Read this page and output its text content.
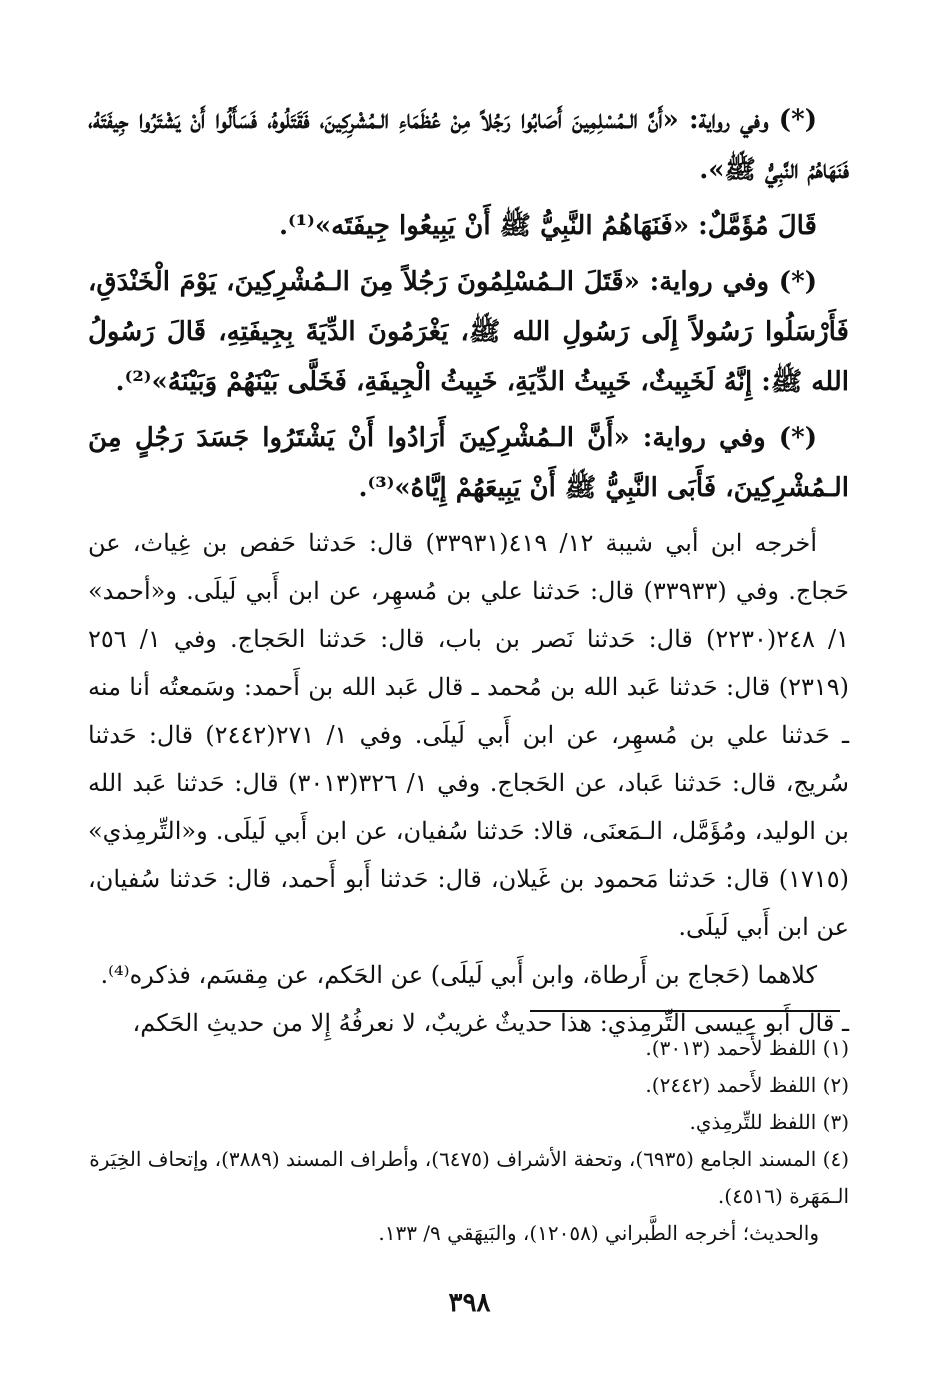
(*) وفي رواية: «أَنَّ الـمُسْلِمِينَ أَصَابُوا رَجُلاً مِنْ عُظَمَاءِ الـمُشْرِكِينَ، فَقَتَلُوهُ، فَسَأَلُوا أَنْ يَشْتَرُوا جِيفَتَهُ، فَنَهَاهُمُ النَّبِيُّ ﷺ».

قَالَ مُؤَمَّلٌ: «فَنَهَاهُمُ النَّبِيُّ ﷺ أَنْ يَبِيعُوا جِيفَتَه»⁽¹⁾.

(*) وفي رواية: «قَتَلَ الـمُسْلِمُونَ رَجُلاً مِنَ الـمُشْرِكِينَ، يَوْمَ الْخَنْدَقِ، فَأَرْسَلُوا رَسُولاً إِلَى رَسُولِ الله ﷺ، يَغْرَمُونَ الدِّيَةَ بِجِيفَتِهِ، قَالَ رَسُولُ الله ﷺ: إِنَّهُ لَخَبِيثٌ، خَبِيثُ الدِّيَةِ، خَبِيثُ الْجِيفَةِ، فَخَلَّى بَيْنَهُمْ وَبَيْنَهُ»⁽²⁾.

(*) وفي رواية: «أَنَّ الـمُشْرِكِينَ أَرَادُوا أَنْ يَشْتَرُوا جَسَدَ رَجُلٍ مِنَ الـمُشْرِكِينَ، فَأَبَى النَّبِيُّ ﷺ أَنْ يَبِيعَهُمْ إِيَّاهُ»⁽³⁾.

أخرجه ابن أبي شيبة ١٢/ ٤١٩(٣٣٩٣١) قال: حَدثنا حَفص بن غِياث، عن حَجاج. وفي (٣٣٩٣٣) قال: حَدثنا علي بن مُسهِر، عن ابن أَبي لَيلَى. و«أحمد» ١/ ٢٤٨(٢٢٣٠) قال: حَدثنا نَصر بن باب، قال: حَدثنا الحَجاج. وفي ١/ ٢٥٦ (٢٣١٩) قال: حَدثنا عَبد الله بن مُحمد ـ قال عَبد الله بن أَحمد: وسَمعتُه أنا منه ـ حَدثنا علي بن مُسهِر، عن ابن أَبي لَيلَى. وفي ١/ ٢٧١(٢٤٤٢) قال: حَدثنا سُريج، قال: حَدثنا عَباد، عن الحَجاج. وفي ١/ ٣٢٦(٣٠١٣) قال: حَدثنا عَبد الله بن الوليد، ومُؤَمَّل، الـمَعنَى، قالا: حَدثنا سُفيان، عن ابن أَبي لَيلَى. و«التِّرمِذي» (١٧١٥) قال: حَدثنا مَحمود بن غَيلان، قال: حَدثنا أَبو أَحمد، قال: حَدثنا سُفيان، عن ابن أَبي لَيلَى.

كلاهما (حَجاج بن أَرطاة، وابن أَبي لَيلَى) عن الحَكم، عن مِقسَم، فذكره⁽⁴⁾.

ـ قال أَبو عِيسى التِّرمِذي: هذا حديثٌ غريبٌ، لا نعرفُهُ إِلا من حديثِ الحَكم،

(١) اللفظ لأَحمد (٣٠١٣).

(٢) اللفظ لأَحمد (٢٤٤٢).

(٣) اللفظ للتِّرمِذي.

(٤) المسند الجامع (٦٩٣٥)، وتحفة الأشراف (٦٤٧٥)، وأطراف المسند (٣٨٨٩)، وإتحاف الخِيَرة الـمَهَرة (٤٥١٦).

والحديث؛ أخرجه الطَّبراني (١٢٠٥٨)، والبَيهَقي ٩/ ١٣٣.

٣٩٨
